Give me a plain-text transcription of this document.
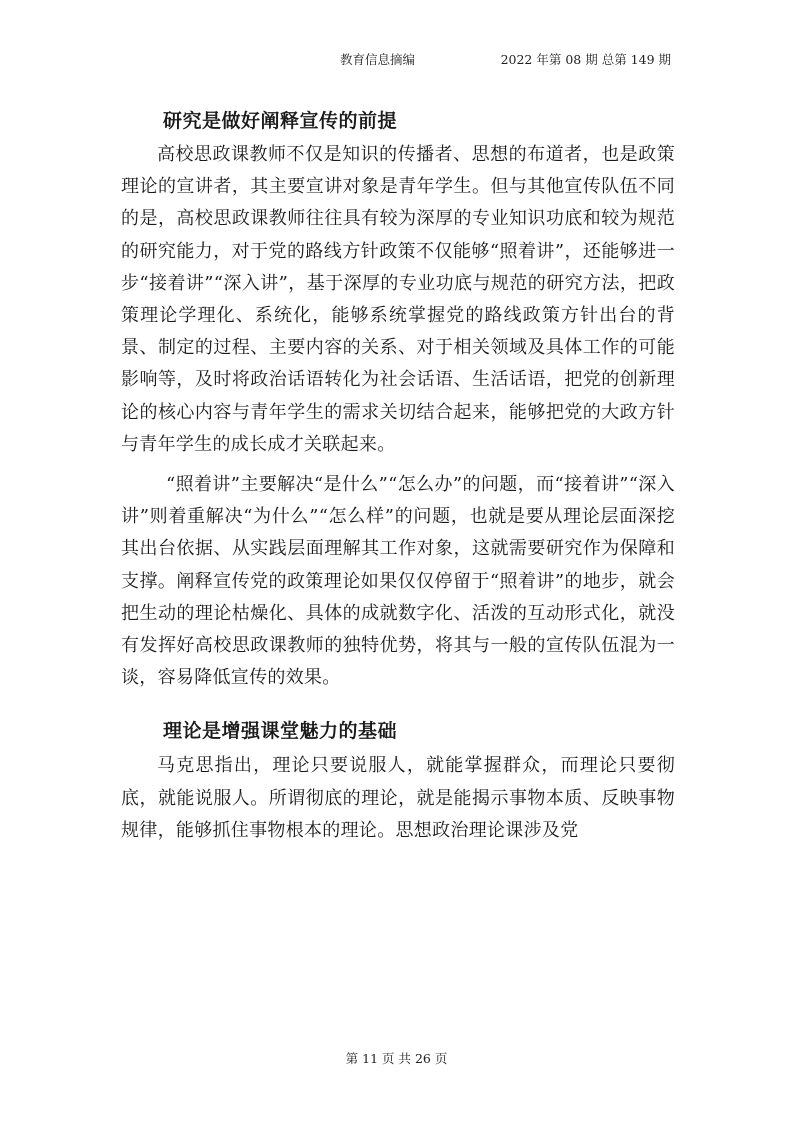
教育信息摘编	2022 年第 08 期 总第 149 期
研究是做好阐释宣传的前提

高校思政课教师不仅是知识的传播者、思想的布道者，也是政策理论的宣讲者，其主要宣讲对象是青年学生。但与其他宣传队伍不同的是，高校思政课教师往往具有较为深厚的专业知识功底和较为规范的研究能力，对于党的路线方针政策不仅能够“照着讲”，还能够进一步“接着讲”“深入讲”，基于深厚的专业功底与规范的研究方法，把政策理论学理化、系统化，能够系统掌握党的路线政策方针出台的背景、制定的过程、主要内容的关系、对于相关领域及具体工作的可能影响等，及时将政治话语转化为社会话语、生活话语，把党的创新理论的核心内容与青年学生的需求关切结合起来，能够把党的大政方针与青年学生的成长成才关联起来。

“照着讲”主要解决“是什么”“怎么办”的问题，而“接着讲”“深入讲”则着重解决“为什么”“怎么样”的问题，也就是要从理论层面深挖其出台依据、从实践层面理解其工作对象，这就需要研究作为保障和支撑。阐释宣传党的政策理论如果仅仅停留于“照着讲”的地步，就会把生动的理论枯燥化、具体的成就数字化、活泼的互动形式化，就没有发挥好高校思政课教师的独特优势，将其与一般的宣传队伍混为一谈，容易降低宣传的效果。

理论是增强课堂魅力的基础

马克思指出，理论只要说服人，就能掌握群众，而理论只要彻底，就能说服人。所谓彻底的理论，就是能揭示事物本质、反映事物规律，能够抓住事物根本的理论。思想政治理论课涉及党

第 11 页 共 26 页
